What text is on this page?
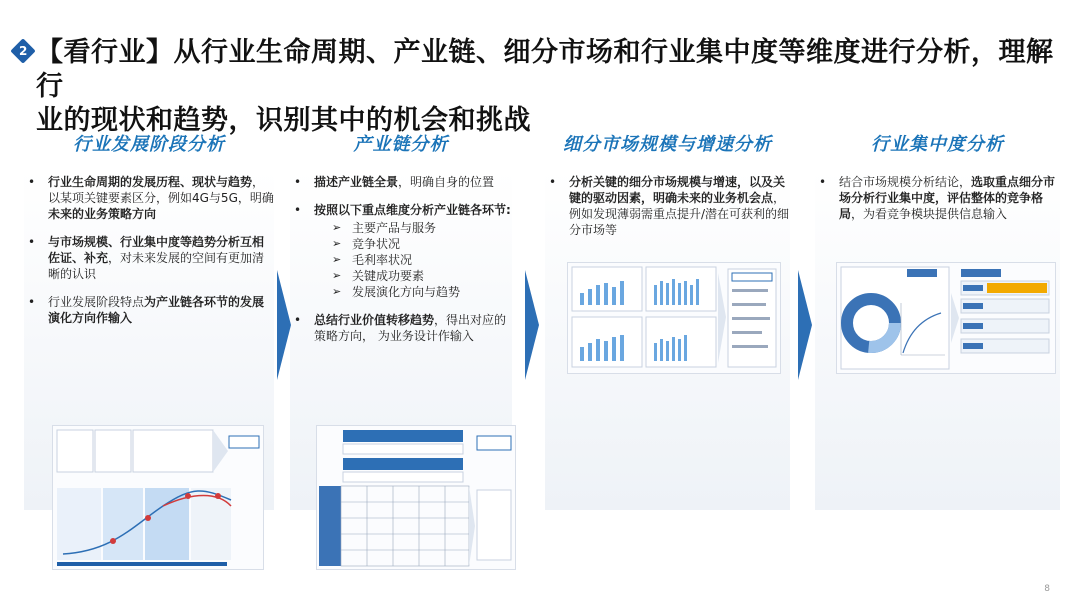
2 【看行业】从行业生命周期、产业链、细分市场和行业集中度等维度进行分析，理解行
业的现状和趋势，识别其中的机会和挑战
行业发展阶段分析
• 行业生命周期的发展历程、现状与趋势，以某项关键要素区分，例如4G与5G，明确未来的业务策略方向
• 与市场规模、行业集中度等趋势分析互相佐证、补充，对未来发展的空间有更加清晰的认识
• 行业发展阶段特点为产业链各环节的发展演化方向作输入
产业链分析
• 描述产业链全景，明确自身的位置
• 按照以下重点维度分析产业链各环节:
➢ 主要产品与服务
➢ 竞争状况
➢ 毛利率状况
➢ 关键成功要素
➢ 发展演化方向与趋势
• 总结行业价值转移趋势，得出对应的策略方向， 为业务设计作输入
细分市场规模与增速分析
• 分析关键的细分市场规模与增速，以及关键的驱动因素，明确未来的业务机会点，例如发现薄弱需重点提升/潜在可获利的细分市场等
行业集中度分析
• 结合市场规模分析结论，选取重点细分市场分析行业集中度，评估整体的竞争格局，为看竞争模块提供信息输入
8
